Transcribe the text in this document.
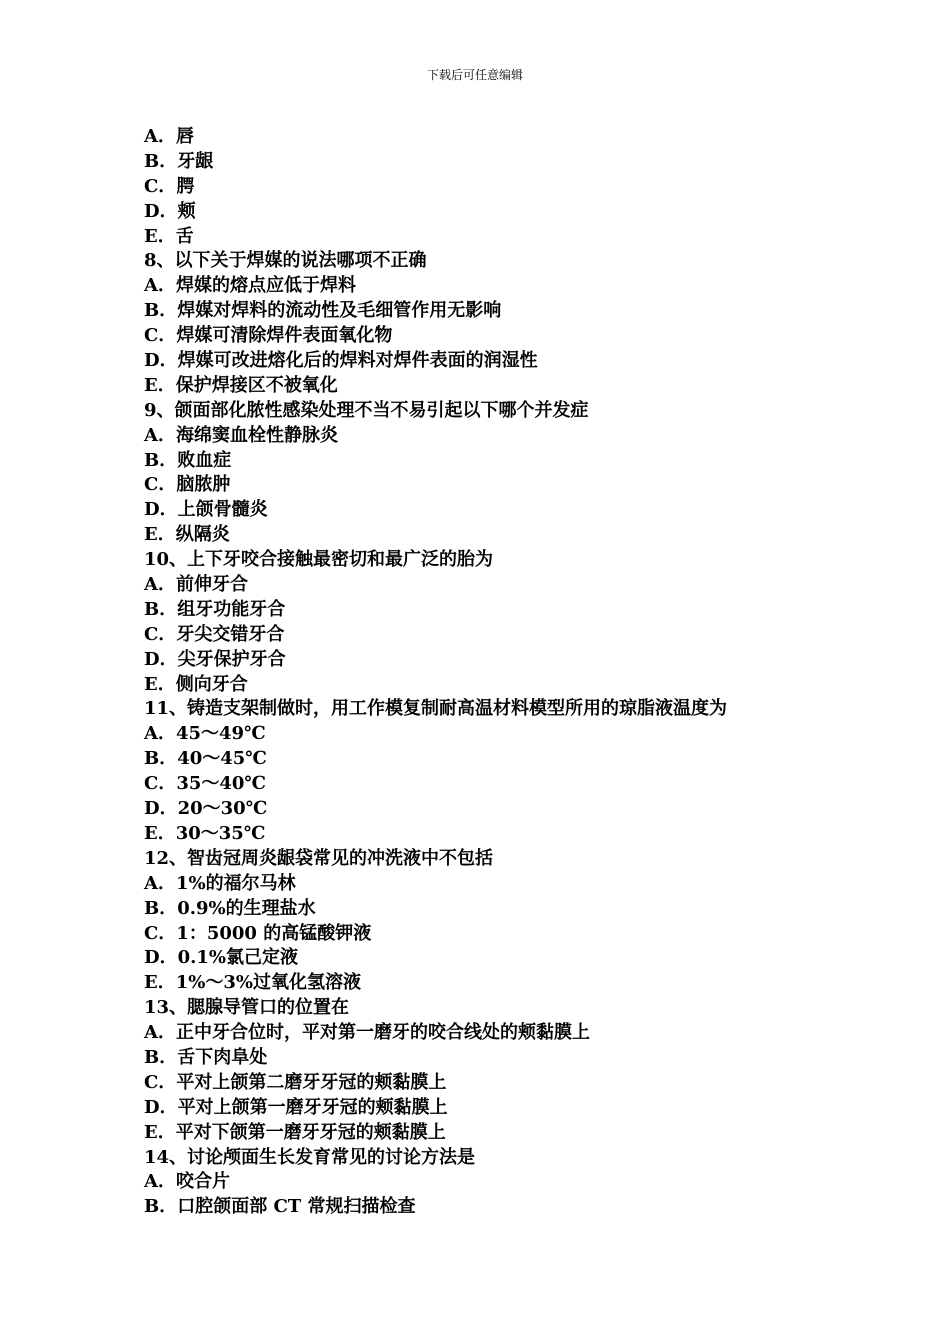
下载后可任意编辑
A．唇
B．牙龈
C．腭
D．颊
E．舌
8、以下关于焊媒的说法哪项不正确
A．焊媒的熔点应低于焊料
B．焊媒对焊料的流动性及毛细管作用无影响
C．焊媒可清除焊件表面氧化物
D．焊媒可改进熔化后的焊料对焊件表面的润湿性
E．保护焊接区不被氧化
9、颌面部化脓性感染处理不当不易引起以下哪个并发症
A．海绵窦血栓性静脉炎
B．败血症
C．脑脓肿
D．上颌骨髓炎
E．纵隔炎
10、上下牙咬合接触最密切和最广泛的胎为
A．前伸牙合
B．组牙功能牙合
C．牙尖交错牙合
D．尖牙保护牙合
E．侧向牙合
11、铸造支架制做时，用工作模复制耐高温材料模型所用的琼脂液温度为
A．45～49℃
B．40～45℃
C．35～40℃
D．20～30℃
E．30～35℃
12、智齿冠周炎龈袋常见的冲洗液中不包括
A．1%的福尔马林
B．0.9%的生理盐水
C．1：5000 的高锰酸钾液
D．0.1%氯己定液
E．1%～3%过氧化氢溶液
13、腮腺导管口的位置在
A．正中牙合位时，平对第一磨牙的咬合线处的颊黏膜上
B．舌下肉阜处
C．平对上颌第二磨牙牙冠的颊黏膜上
D．平对上颌第一磨牙牙冠的颊黏膜上
E．平对下颌第一磨牙牙冠的颊黏膜上
14、讨论颅面生长发育常见的讨论方法是
A．咬合片
B．口腔颌面部 CT 常规扫描检查
